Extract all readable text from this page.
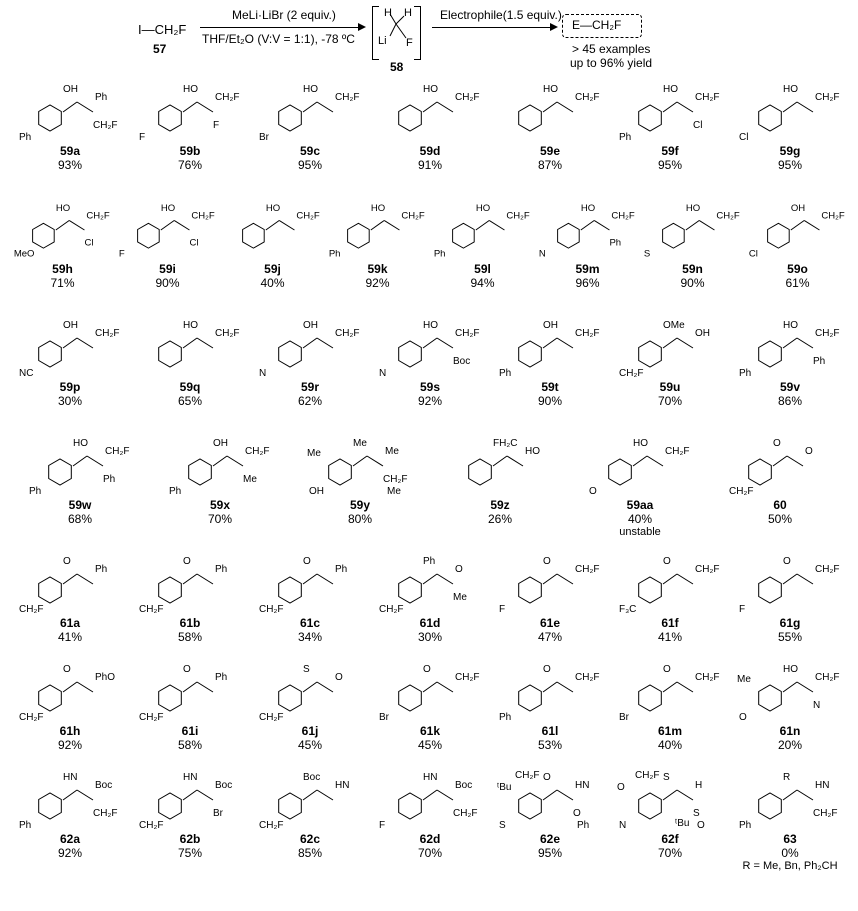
I—CH₂F
57
MeLi·LiBr (2 equiv.)
THF/Et₂O (V:V = 1:1), -78 ºC
H H
Li F
58
Electrophile(1.5 equiv.)
E—CH₂F
> 45 examples
up to 96% yield
OH
Ph
Ph
CH₂F
59a
93%
HO
CH₂F
F
F
59b
76%
HO
CH₂F
Br
59c
95%
HO
CH₂F
59d
91%
HO
CH₂F
59e
87%
HO
CH₂F
Ph
Cl
59f
95%
HO
CH₂F
Cl
59g
95%
HO
CH₂F
MeO
Cl
59h
71%
HO
CH₂F
F
Cl
59i
90%
HO
CH₂F
59j
40%
HO
CH₂F
Ph
59k
92%
HO
CH₂F
Ph
59l
94%
HO
CH₂F
N
Ph
59m
96%
HO
CH₂F
S
59n
90%
OH
CH₂F
Cl
59o
61%
OH
CH₂F
NC
59p
30%
HO
CH₂F
59q
65%
OH
CH₂F
N
59r
62%
HO
CH₂F
N
Boc
59s
92%
OH
CH₂F
Ph
59t
90%
OMe
OH
CH₂F
59u
70%
HO
CH₂F
Ph
Ph
59v
86%
HO
CH₂F
Ph
Ph
59w
68%
OH
CH₂F
Ph
Me
59x
70%
Me
Me
OH
CH₂F
Me
Me
59y
80%
FH₂C
HO
59z
26%
HO
CH₂F
O
59aa
40%
unstable
O
O
CH₂F
60
50%
O
Ph
CH₂F
61a
41%
O
Ph
CH₂F
61b
58%
O
Ph
CH₂F
61c
34%
Ph
O
CH₂F
Me
61d
30%
O
CH₂F
F
61e
47%
O
CH₂F
F₃C
61f
41%
O
CH₂F
F
61g
55%
O
PhO
CH₂F
61h
92%
O
Ph
CH₂F
61i
58%
S
O
CH₂F
61j
45%
O
CH₂F
Br
61k
45%
O
CH₂F
Ph
61l
53%
O
CH₂F
Br
61m
40%
HO
CH₂F
O
N
Me
61n
20%
HN
Boc
Ph
CH₂F
62a
92%
HN
Boc
CH₂F
Br
62b
75%
Boc
HN
CH₂F
62c
85%
HN
Boc
F
CH₂F
62d
70%
O
HN
S
O
ᵗBu
Ph
CH₂F
62e
95%
S
H
N
S
O
O
CH₂F
ᵗBu
62f
70%
R
HN
Ph
CH₂F
63
0%
R = Me, Bn, Ph₂CH
